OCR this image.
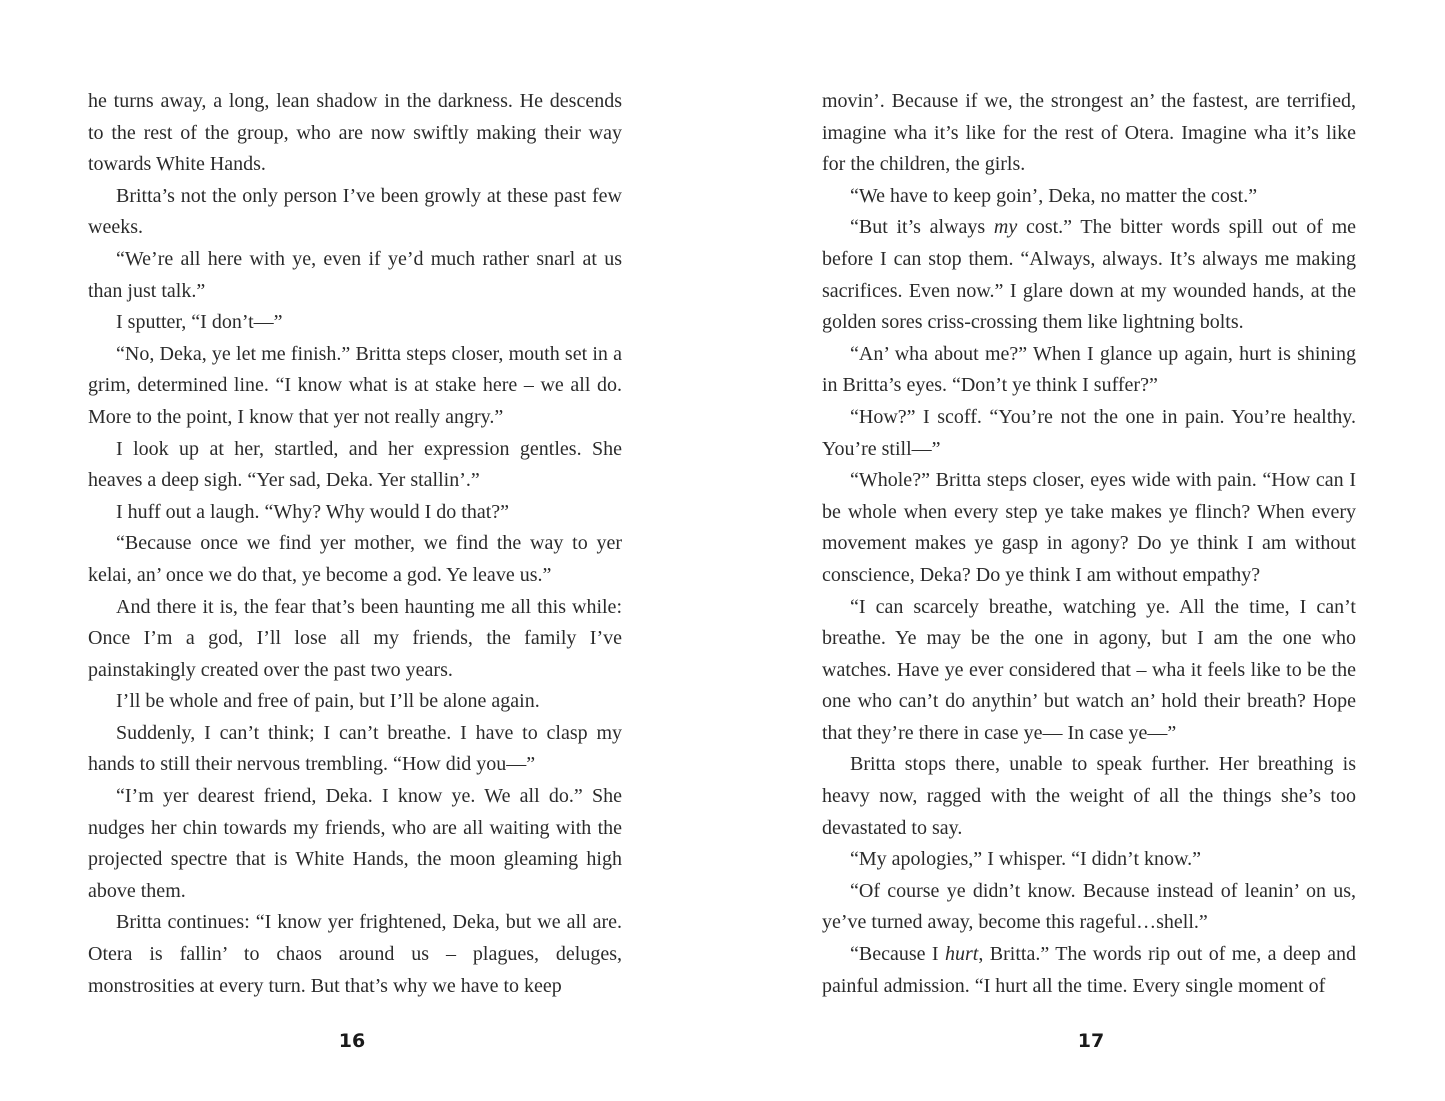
he turns away, a long, lean shadow in the darkness. He descends to the rest of the group, who are now swiftly making their way towards White Hands.

Britta’s not the only person I’ve been growly at these past few weeks.

“We’re all here with ye, even if ye’d much rather snarl at us than just talk.”

I sputter, “I don’t—”

“No, Deka, ye let me finish.” Britta steps closer, mouth set in a grim, determined line. “I know what is at stake here – we all do. More to the point, I know that yer not really angry.”

I look up at her, startled, and her expression gentles. She heaves a deep sigh. “Yer sad, Deka. Yer stallin’.”

I huff out a laugh. “Why? Why would I do that?”

“Because once we find yer mother, we find the way to yer kelai, an’ once we do that, ye become a god. Ye leave us.”

And there it is, the fear that’s been haunting me all this while: Once I’m a god, I’ll lose all my friends, the family I’ve painstakingly created over the past two years.

I’ll be whole and free of pain, but I’ll be alone again.

Suddenly, I can’t think; I can’t breathe. I have to clasp my hands to still their nervous trembling. “How did you—”

“I’m yer dearest friend, Deka. I know ye. We all do.” She nudges her chin towards my friends, who are all waiting with the projected spectre that is White Hands, the moon gleaming high above them.

Britta continues: “I know yer frightened, Deka, but we all are. Otera is fallin’ to chaos around us – plagues, deluges, monstrosities at every turn. But that’s why we have to keep

movin’. Because if we, the strongest an’ the fastest, are terrified, imagine wha it’s like for the rest of Otera. Imagine wha it’s like for the children, the girls.

“We have to keep goin’, Deka, no matter the cost.”

“But it’s always my cost.” The bitter words spill out of me before I can stop them. “Always, always. It’s always me making sacrifices. Even now.” I glare down at my wounded hands, at the golden sores criss-crossing them like lightning bolts.

“An’ wha about me?” When I glance up again, hurt is shining in Britta’s eyes. “Don’t ye think I suffer?”

“How?” I scoff. “You’re not the one in pain. You’re healthy. You’re still—”

“Whole?” Britta steps closer, eyes wide with pain. “How can I be whole when every step ye take makes ye flinch? When every movement makes ye gasp in agony? Do ye think I am without conscience, Deka? Do ye think I am without empathy?

“I can scarcely breathe, watching ye. All the time, I can’t breathe. Ye may be the one in agony, but I am the one who watches. Have ye ever considered that – wha it feels like to be the one who can’t do anythin’ but watch an’ hold their breath? Hope that they’re there in case ye— In case ye—”

Britta stops there, unable to speak further. Her breathing is heavy now, ragged with the weight of all the things she’s too devastated to say.

“My apologies,” I whisper. “I didn’t know.”

“Of course ye didn’t know. Because instead of leanin’ on us, ye’ve turned away, become this rageful…shell.”

“Because I hurt, Britta.” The words rip out of me, a deep and painful admission. “I hurt all the time. Every single moment of

16	17
